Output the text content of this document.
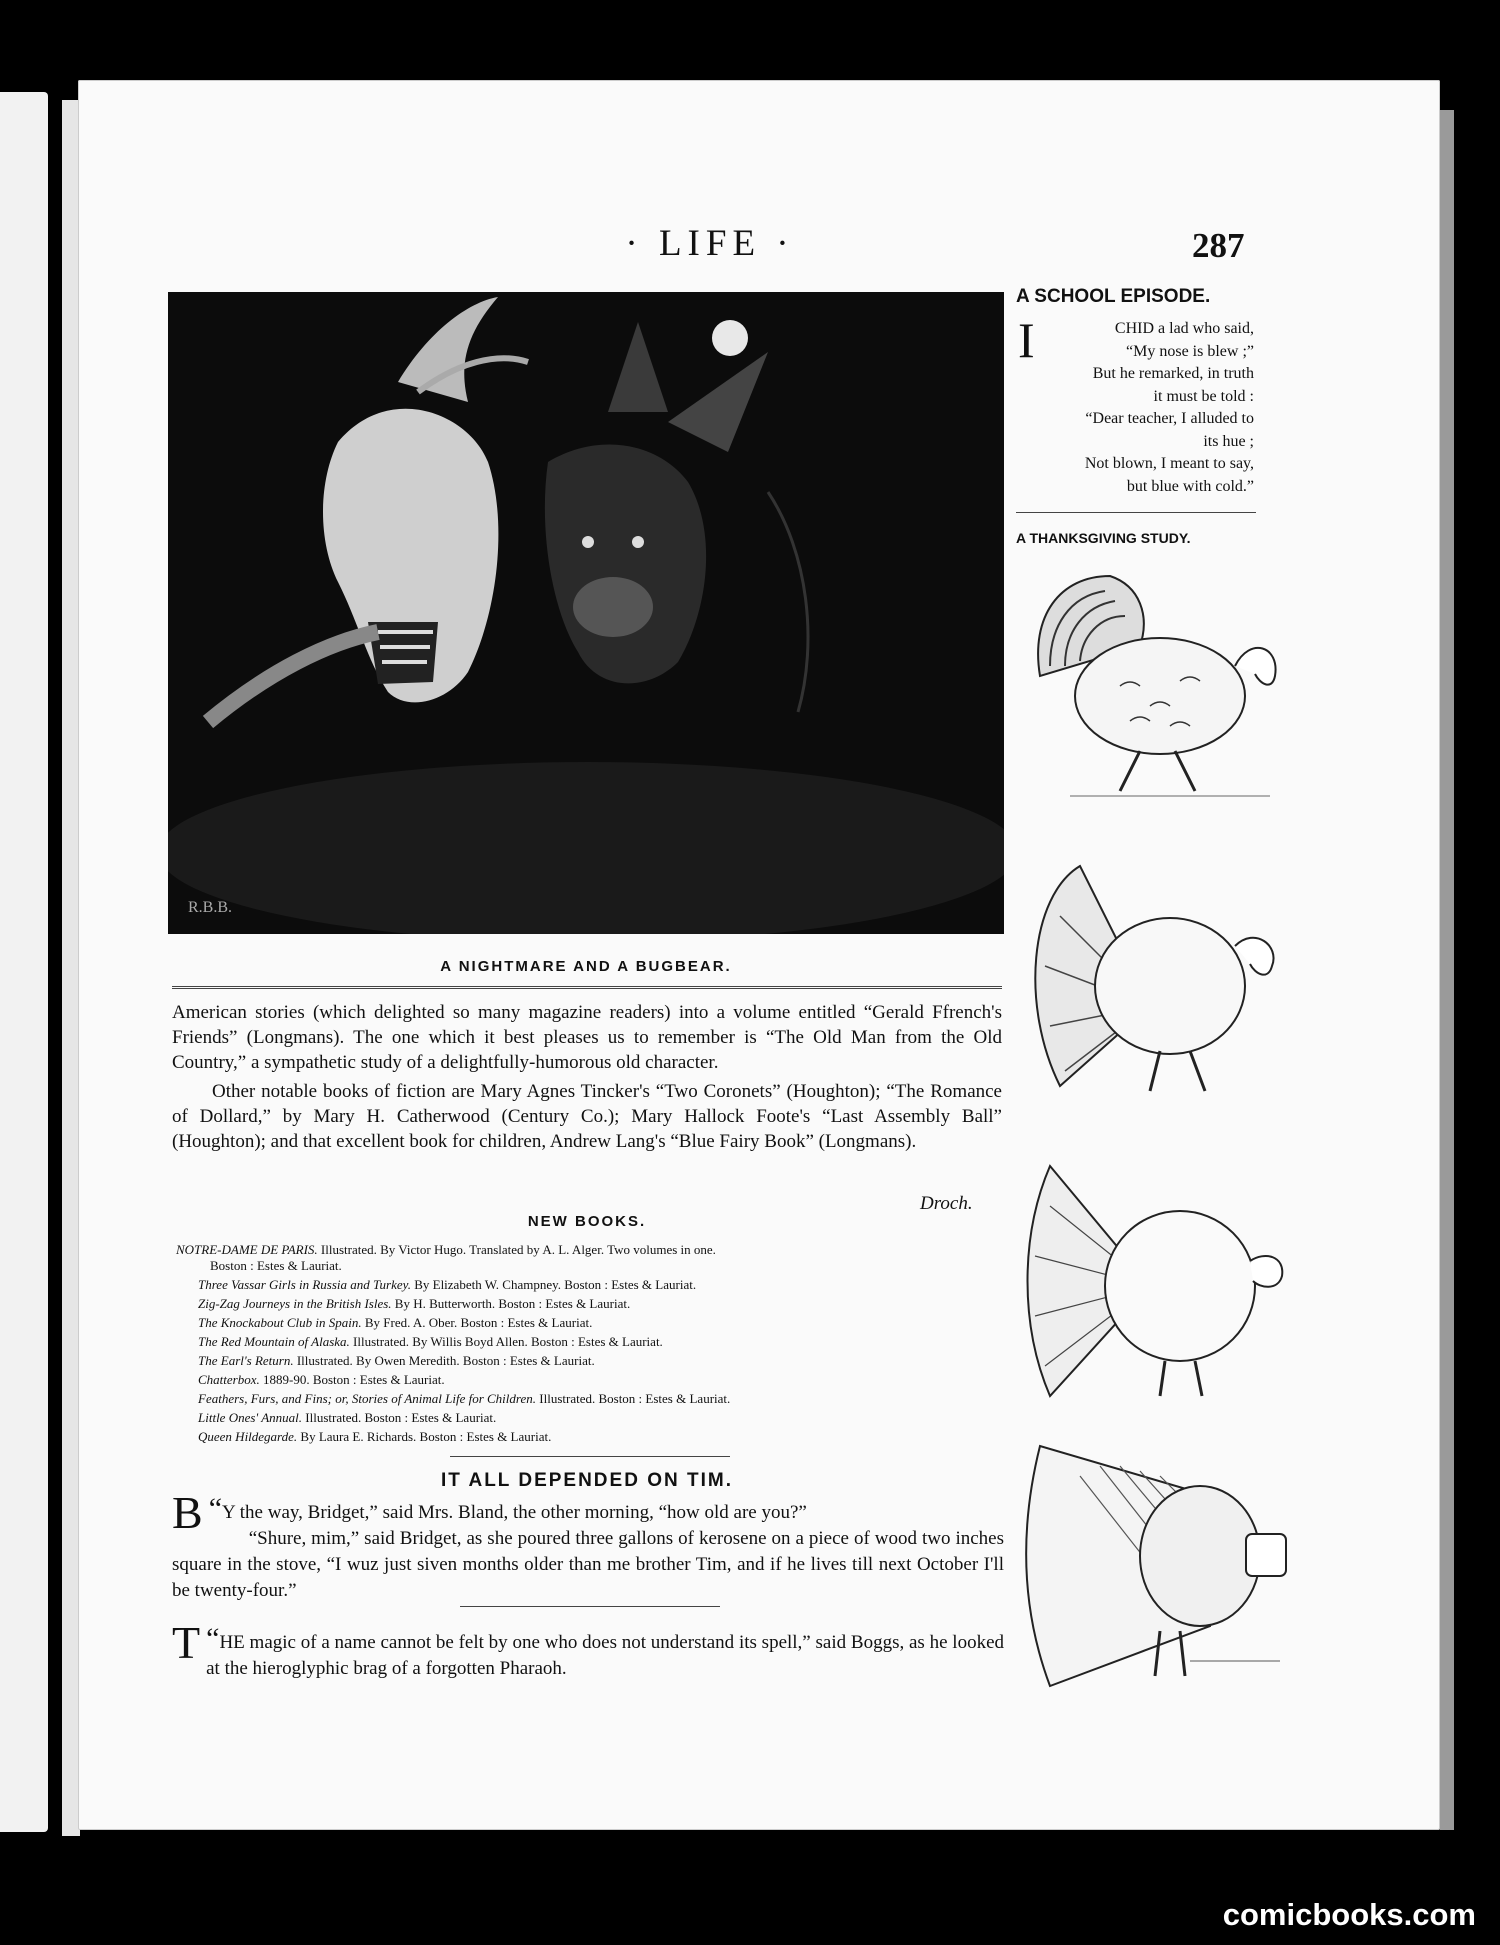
· LIFE ·	287
R.B.B.
A NIGHTMARE AND A BUGBEAR.

American stories (which delighted so many magazine readers) into a volume entitled “Gerald Ffrench's Friends” (Longmans). The one which it best pleases us to remember is “The Old Man from the Old Country,” a sympathetic study of a delightfully-humorous old character.

Other notable books of fiction are Mary Agnes Tincker's “Two Coronets” (Houghton); “The Romance of Dollard,” by Mary H. Catherwood (Century Co.); Mary Hallock Foote's “Last Assembly Ball” (Houghton); and that excellent book for children, Andrew Lang's “Blue Fairy Book” (Longmans).

Droch.
NEW BOOKS.

NOTRE-DAME DE PARIS. Illustrated. By Victor Hugo. Translated by A. L. Alger. Two volumes in one.
Boston : Estes & Lauriat.

Three Vassar Girls in Russia and Turkey. By Elizabeth W. Champney. Boston : Estes & Lauriat.

Zig-Zag Journeys in the British Isles. By H. Butterworth. Boston : Estes & Lauriat.

The Knockabout Club in Spain. By Fred. A. Ober. Boston : Estes & Lauriat.

The Red Mountain of Alaska. Illustrated. By Willis Boyd Allen. Boston : Estes & Lauriat.

The Earl's Return. Illustrated. By Owen Meredith. Boston : Estes & Lauriat.

Chatterbox. 1889-90. Boston : Estes & Lauriat.

Feathers, Furs, and Fins; or, Stories of Animal Life for Children. Illustrated. Boston : Estes & Lauriat.

Little Ones' Annual. Illustrated. Boston : Estes & Lauriat.

Queen Hildegarde. By Laura E. Richards. Boston : Estes & Lauriat.

IT ALL DEPENDED ON TIM.

“
B Y the way, Bridget,” said Mrs. Bland, the other morning, “how old are you?”

“Shure, mim,” said Bridget, as she poured three gallons of kerosene on a piece of wood two inches square in the stove, “I wuz just siven months older than me brother Tim, and if he lives till next October I'll be twenty-four.”

“
T HE magic of a name cannot be felt by one who does not understand its spell,” said Boggs, as he looked at the hieroglyphic brag of a forgotten Pharaoh.

A SCHOOL EPISODE.
I	CHID a lad who said,
“My nose is blew ;”
But he remarked, in truth
it must be told :
“Dear teacher, I alluded to
its hue ;
Not blown, I meant to say,
but blue with cold.”
A THANKSGIVING STUDY.
comicbooks.com
